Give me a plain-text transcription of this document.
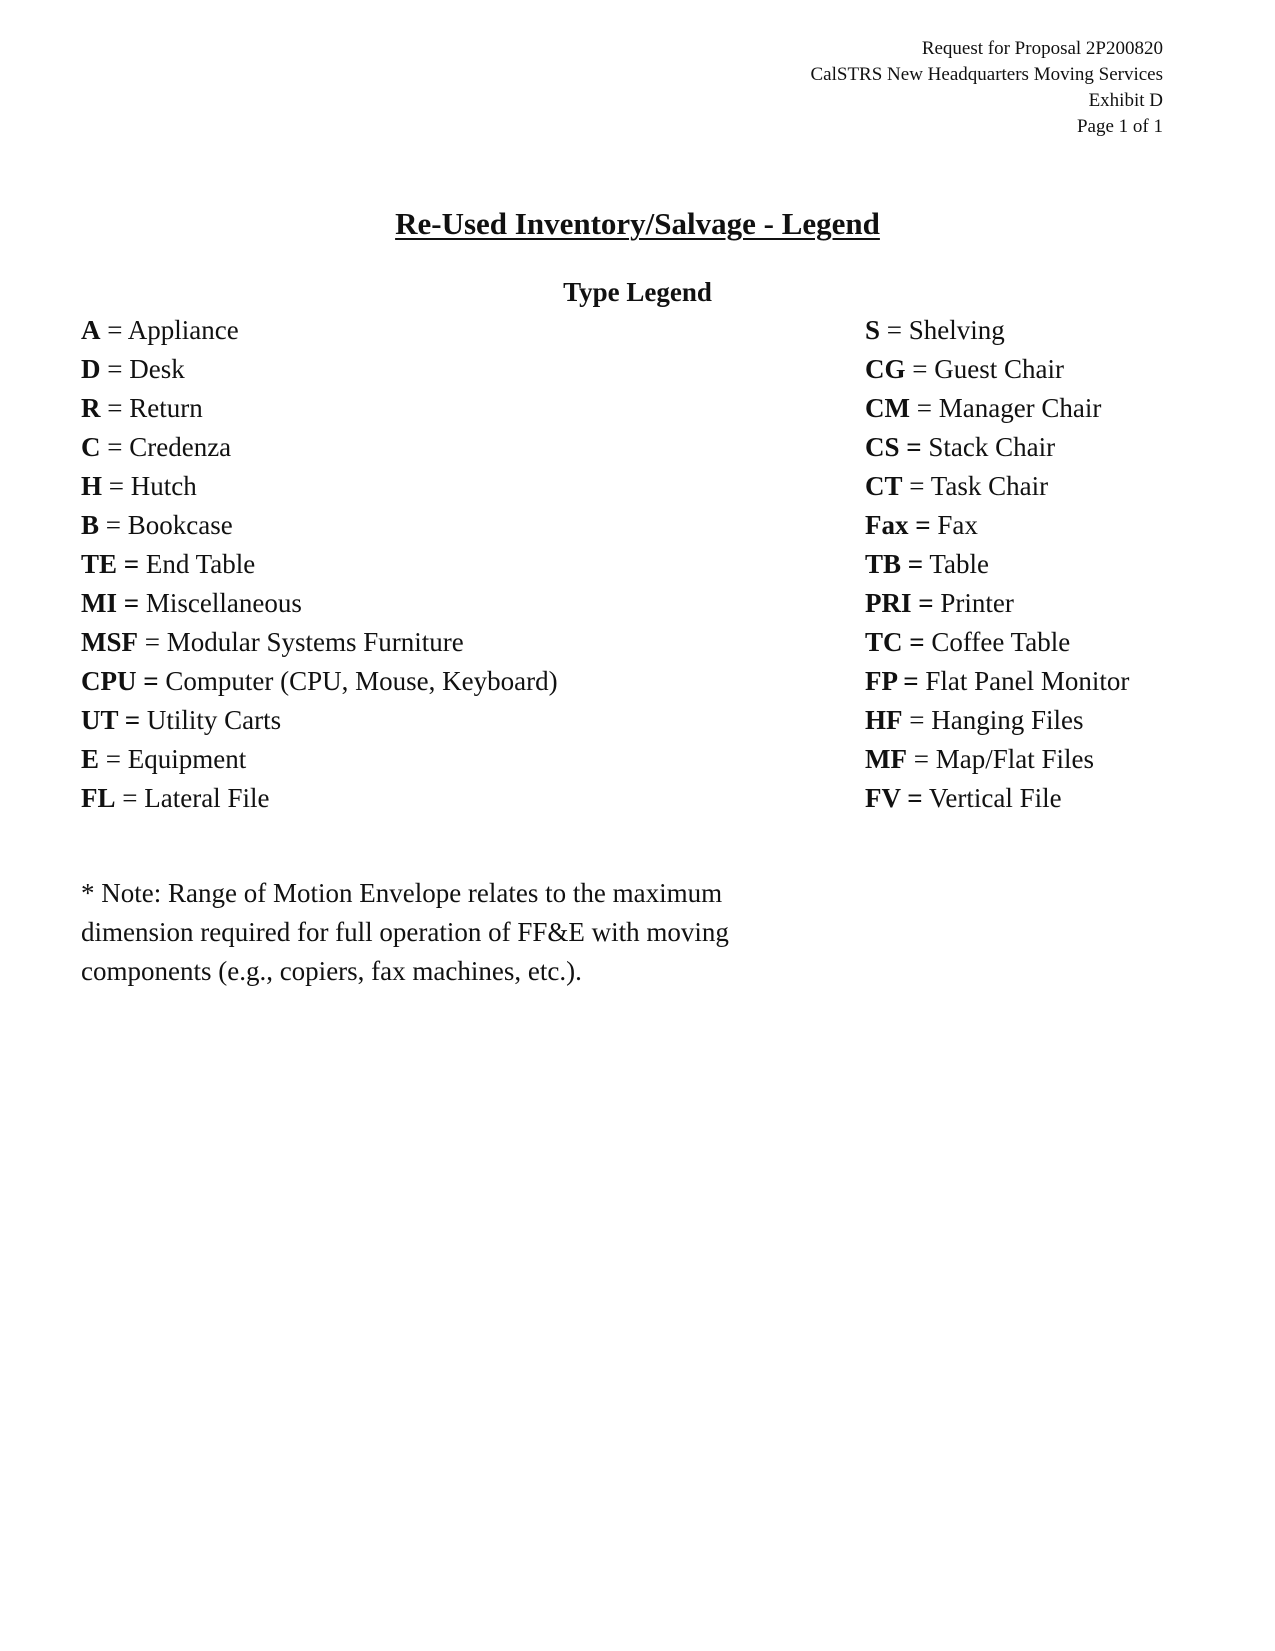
Request for Proposal 2P200820
CalSTRS New Headquarters Moving Services
Exhibit D
Page 1 of 1
Re-Used Inventory/Salvage - Legend
Type Legend
A = Appliance
D = Desk
R = Return
C = Credenza
H = Hutch
B = Bookcase
TE = End Table
MI = Miscellaneous
MSF = Modular Systems Furniture
CPU = Computer (CPU, Mouse, Keyboard)
UT = Utility Carts
E = Equipment
FL = Lateral File
S = Shelving
CG = Guest Chair
CM = Manager Chair
CS = Stack Chair
CT = Task Chair
Fax = Fax
TB = Table
PRI = Printer
TC = Coffee Table
FP = Flat Panel Monitor
HF = Hanging Files
MF = Map/Flat Files
FV = Vertical File
* Note: Range of Motion Envelope relates to the maximum dimension required for full operation of FF&E with moving components (e.g., copiers, fax machines, etc.).
